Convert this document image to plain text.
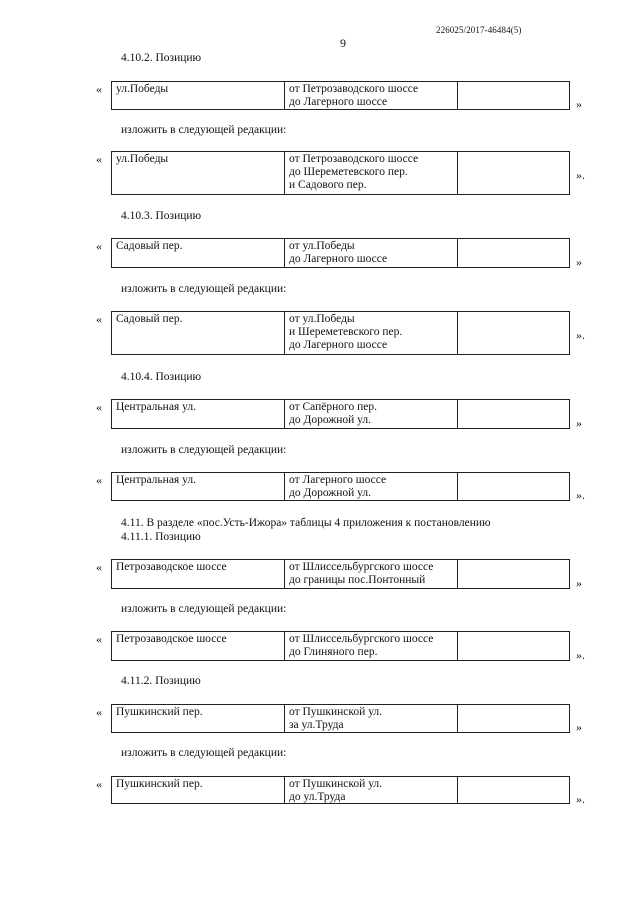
226025/2017-46484(5)
9
4.10.2. Позицию
«	ул.Победы	от Петрозаводского шоссе
до Лагерного шоссе	»
изложить в следующей редакции:
«	ул.Победы	от Петрозаводского шоссе
до Шереметевского пер.
и Садового пер.
».
4.10.3. Позицию
«	Садовый пер.	от ул.Победы
до Лагерного шоссе	»
изложить в следующей редакции:
«	Садовый пер.	от ул.Победы
и Шереметевского пер.
до Лагерного шоссе
».
4.10.4. Позицию
«	Центральная ул.	от Сапёрного пер.
до Дорожной ул.	»
изложить в следующей редакции:
«	Центральная ул.	от Лагерного шоссе
до Дорожной ул.	».
4.11. В разделе «пос.Усть-Ижора» таблицы 4 приложения к постановлению
4.11.1. Позицию
«	Петрозаводское шоссе	от Шлиссельбургского шоссе
до границы пос.Понтонный	»
изложить в следующей редакции:
«	Петрозаводское шоссе	от Шлиссельбургского шоссе
до Глиняного пер.	».
4.11.2. Позицию
«	Пушкинский пер.	от Пушкинской ул.
за ул.Труда	»
изложить в следующей редакции:
«	Пушкинский пер.	от Пушкинской ул.
до ул.Труда	».
